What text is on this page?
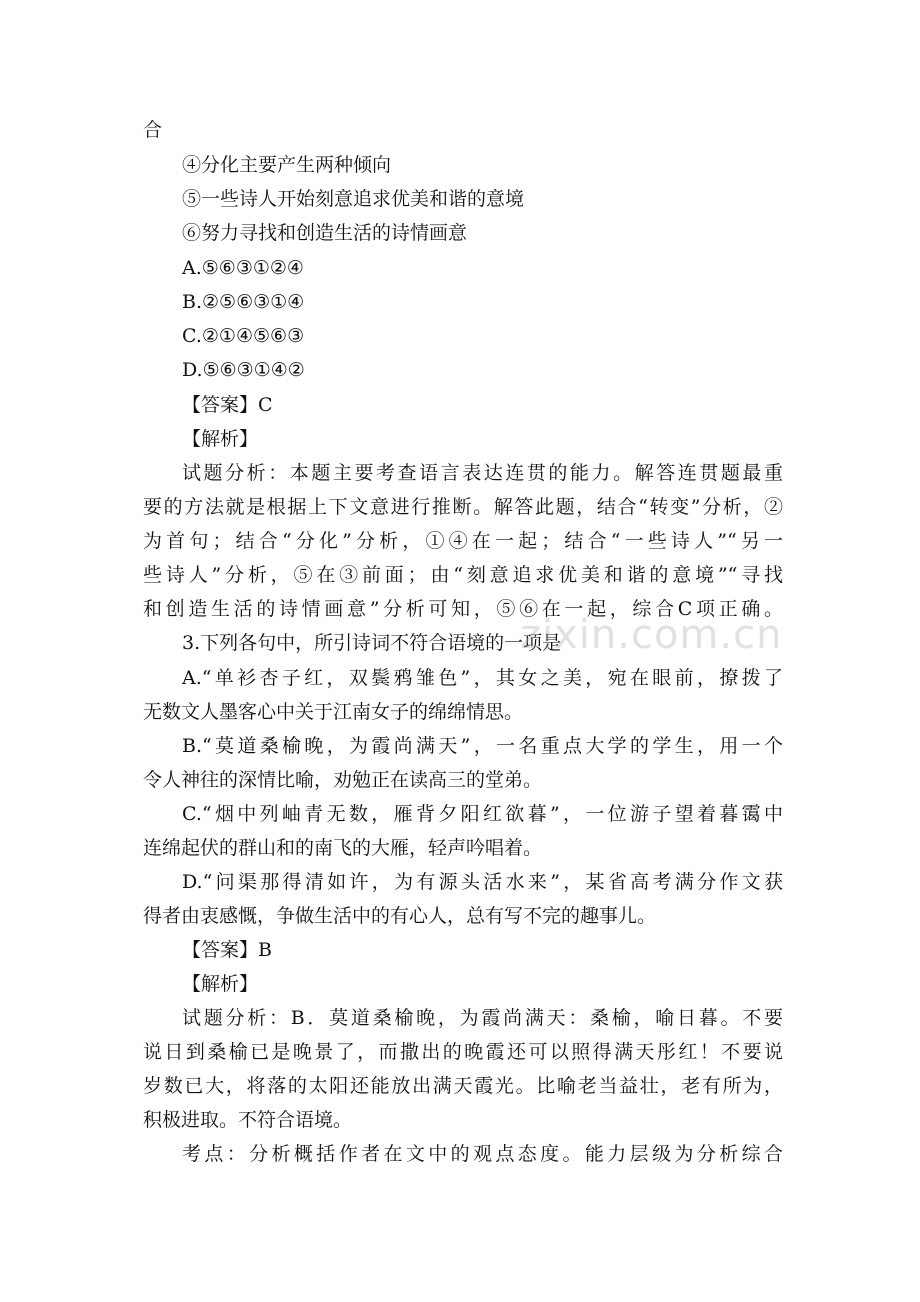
合
④分化主要产生两种倾向
⑤一些诗人开始刻意追求优美和谐的意境
⑥努力寻找和创造生活的诗情画意
A.⑤⑥③①②④
B.②⑤⑥③①④
C.②①④⑤⑥③
D.⑤⑥③①④②
【答案】C
【解析】
试题分析：本题主要考查语言表达连贯的能力。解答连贯题最重
要的方法就是根据上下文意进行推断。解答此题，结合“转变”分析，②
为首句；结合“分化”分析，①④在一起；结合“一些诗人”“另一
些诗人”分析，⑤在③前面；由“刻意追求优美和谐的意境”“寻找
和创造生活的诗情画意”分析可知，⑤⑥在一起，综合C项正确。
3.下列各句中，所引诗词不符合语境的一项是
A.“单衫杏子红，双鬓鸦雏色”，其女之美，宛在眼前，撩拨了
无数文人墨客心中关于江南女子的绵绵情思。
B.“莫道桑榆晚，为霞尚满天”，一名重点大学的学生，用一个
令人神往的深情比喻，劝勉正在读高三的堂弟。
C.“烟中列岫青无数，雁背夕阳红欲暮”，一位游子望着暮霭中
连绵起伏的群山和的南飞的大雁，轻声吟唱着。
D.“问渠那得清如许，为有源头活水来”，某省高考满分作文获
得者由衷感慨，争做生活中的有心人，总有写不完的趣事儿。
【答案】B
【解析】
试题分析：B．莫道桑榆晚，为霞尚满天：桑榆，喻日暮。不要
说日到桑榆已是晚景了，而撒出的晚霞还可以照得满天彤红！不要说
岁数已大，将落的太阳还能放出满天霞光。比喻老当益壮，老有所为，
积极进取。不符合语境。
考点：分析概括作者在文中的观点态度。能力层级为分析综合
zixin.com.cn
